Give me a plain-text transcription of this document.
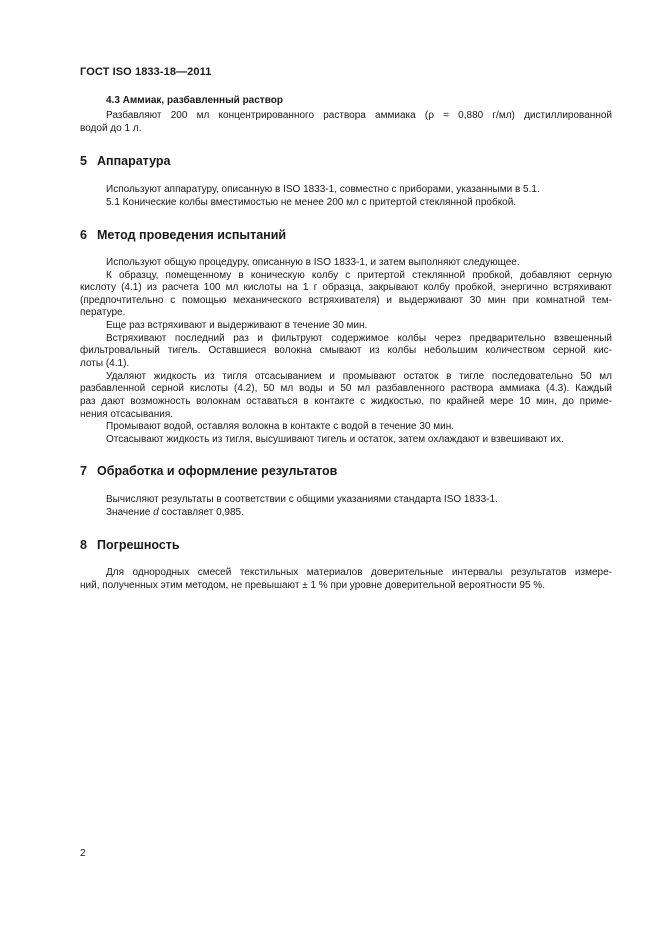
ГОСТ ISO 1833-18—2011
4.3 Аммиак, разбавленный раствор
Разбавляют 200 мл концентрированного раствора аммиака (ρ = 0,880 г/мл) дистиллированной
водой до 1 л.
5 Аппаратура
Используют аппаратуру, описанную в ISO 1833-1, совместно с приборами, указанными в 5.1.
5.1 Конические колбы вместимостью не менее 200 мл с притертой стеклянной пробкой.
6 Метод проведения испытаний
Используют общую процедуру, описанную в ISO 1833-1, и затем выполняют следующее.
К образцу, помещенному в коническую колбу с притертой стеклянной пробкой, добавляют серную
кислоту (4.1) из расчета 100 мл кислоты на 1 г образца, закрывают колбу пробкой, энергично встряхивают
(предпочтительно с помощью механического встряхивателя) и выдерживают 30 мин при комнатной тем-
пературе.
Еще раз встряхивают и выдерживают в течение 30 мин.
Встряхивают последний раз и фильтруют содержимое колбы через предварительно взвешенный
фильтровальный тигель. Оставшиеся волокна смывают из колбы небольшим количеством серной кис-
лоты (4.1).
Удаляют жидкость из тигля отсасыванием и промывают остаток в тигле последовательно 50 мл
разбавленной серной кислоты (4.2), 50 мл воды и 50 мл разбавленного раствора аммиака (4.3). Каждый
раз дают возможность волокнам оставаться в контакте с жидкостью, по крайней мере 10 мин, до приме-
нения отсасывания.
Промывают водой, оставляя волокна в контакте с водой в течение 30 мин.
Отсасывают жидкость из тигля, высушивают тигель и остаток, затем охлаждают и взвешивают их.
7 Обработка и оформление результатов
Вычисляют результаты в соответствии с общими указаниями стандарта ISO 1833-1.
Значение d составляет 0,985.
8 Погрешность
Для однородных смесей текстильных материалов доверительные интервалы результатов измере-
ний, полученных этим методом, не превышают ± 1 % при уровне доверительной вероятности 95 %.
2
